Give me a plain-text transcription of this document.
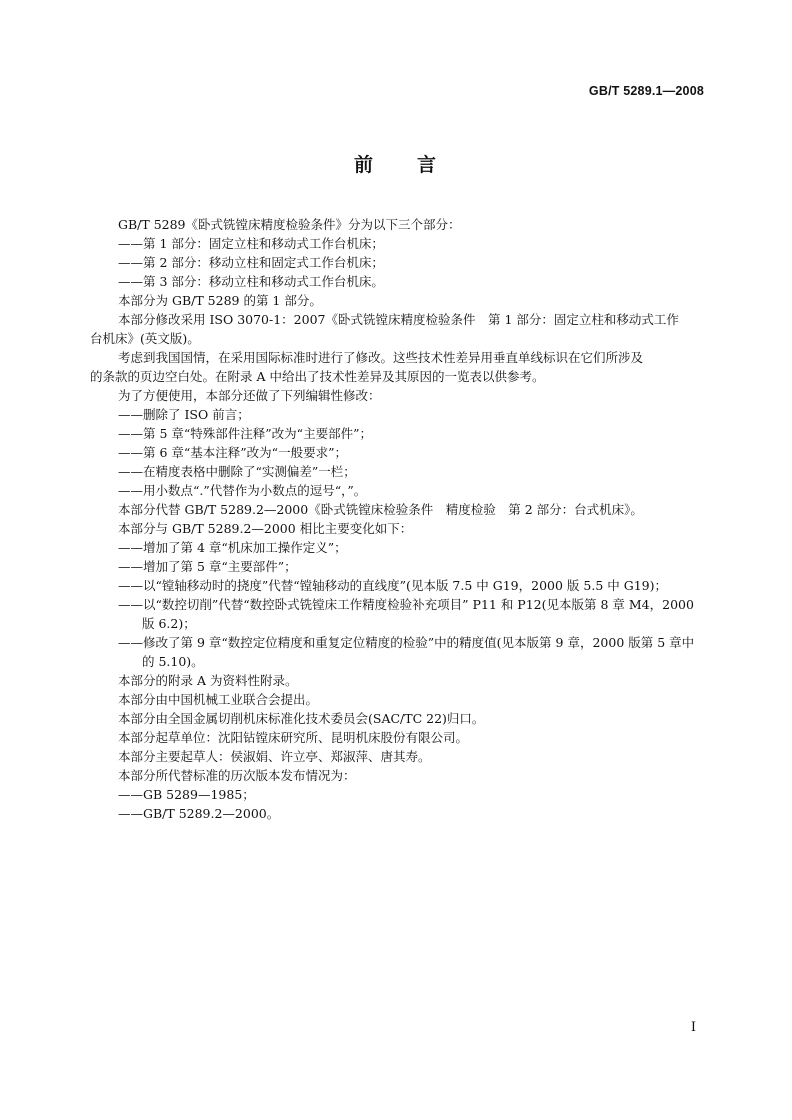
GB/T 5289.1—2008
前 言

GB/T 5289《卧式铣镗床精度检验条件》分为以下三个部分：

——第 1 部分：固定立柱和移动式工作台机床；

——第 2 部分：移动立柱和固定式工作台机床；

——第 3 部分：移动立柱和移动式工作台机床。

本部分为 GB/T 5289 的第 1 部分。

本部分修改采用 ISO 3070-1：2007《卧式铣镗床精度检验条件　第 1 部分：固定立柱和移动式工作

台机床》(英文版)。

考虑到我国国情，在采用国际标准时进行了修改。这些技术性差异用垂直单线标识在它们所涉及

的条款的页边空白处。在附录 A 中给出了技术性差异及其原因的一览表以供参考。

为了方便使用，本部分还做了下列编辑性修改：

——删除了 ISO 前言；

——第 5 章“特殊部件注释”改为“主要部件”；

——第 6 章“基本注释”改为“一般要求”；

——在精度表格中删除了“实测偏差”一栏；

——用小数点“.”代替作为小数点的逗号“，”。

本部分代替 GB/T 5289.2—2000《卧式铣镗床检验条件　精度检验　第 2 部分：台式机床》。

本部分与 GB/T 5289.2—2000 相比主要变化如下：

——增加了第 4 章“机床加工操作定义”；

——增加了第 5 章“主要部件”；

——以“镗轴移动时的挠度”代替“镗轴移动的直线度”(见本版 7.5 中 G19，2000 版 5.5 中 G19)；

——以“数控切削”代替“数控卧式铣镗床工作精度检验补充项目” P11 和 P12(见本版第 8 章 M4，2000 版 6.2)；

——修改了第 9 章“数控定位精度和重复定位精度的检验”中的精度值(见本版第 9 章，2000 版第 5 章中的 5.10)。

本部分的附录 A 为资料性附录。

本部分由中国机械工业联合会提出。

本部分由全国金属切削机床标准化技术委员会(SAC/TC 22)归口。

本部分起草单位：沈阳钻镗床研究所、昆明机床股份有限公司。

本部分主要起草人：侯淑娟、许立亭、郑淑萍、唐其寿。

本部分所代替标准的历次版本发布情况为：

——GB 5289—1985；

——GB/T 5289.2—2000。

I
